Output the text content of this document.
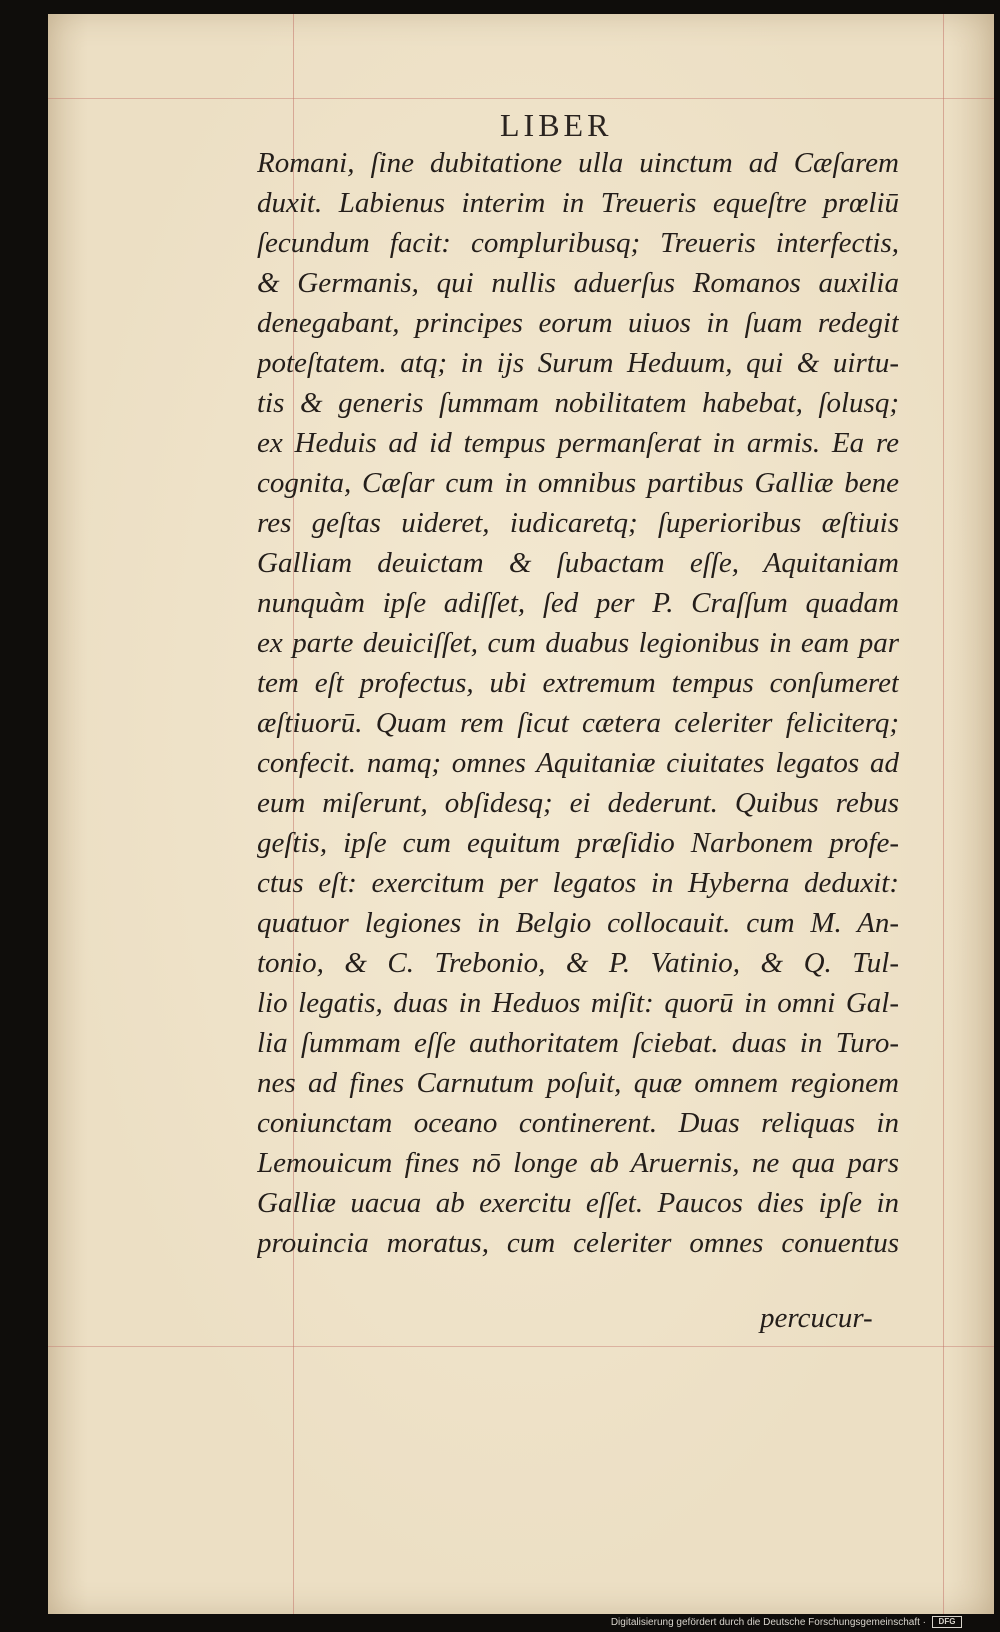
LIBER
Romani, ſine dubitatione ulla uinctum ad Cæſarem
duxit. Labienus interim in Treueris equeſtre prœliū
ſecundum facit: compluribusq; Treueris interfectis,
& Germanis, qui nullis aduerſus Romanos auxilia
denegabant, principes eorum uiuos in ſuam redegit
poteſtatem. atq; in ijs Surum Heduum, qui & uirtu-
tis & generis ſummam nobilitatem habebat, ſolusq;
ex Heduis ad id tempus permanſerat in armis. Ea re
cognita, Cæſar cum in omnibus partibus Galliæ bene
res geſtas uideret, iudicaretq; ſuperioribus æſtiuis
Galliam deuictam & ſubactam eſſe, Aquitaniam
nunquàm ipſe adiſſet, ſed per P. Craſſum quadam
ex parte deuiciſſet, cum duabus legionibus in eam par
tem eſt profectus, ubi extremum tempus conſumeret
æſtiuorū. Quam rem ſicut cætera celeriter feliciterq;
confecit. namq; omnes Aquitaniæ ciuitates legatos ad
eum miſerunt, obſidesq; ei dederunt. Quibus rebus
geſtis, ipſe cum equitum præſidio Narbonem profe-
ctus eſt: exercitum per legatos in Hyberna deduxit:
quatuor legiones in Belgio collocauit. cum M. An-
tonio, & C. Trebonio, & P. Vatinio, & Q. Tul-
lio legatis, duas in Heduos miſit: quorū in omni Gal-
lia ſummam eſſe authoritatem ſciebat. duas in Turo-
nes ad fines Carnutum poſuit, quæ omnem regionem
coniunctam oceano continerent. Duas reliquas in
Lemouicum fines nō longe ab Aruernis, ne qua pars
Galliæ uacua ab exercitu eſſet. Paucos dies ipſe in
prouincia moratus, cum celeriter omnes conuentus
percucur-
Digitalisierung gefördert durch die Deutsche Forschungsgemeinschaft ·	DFG
